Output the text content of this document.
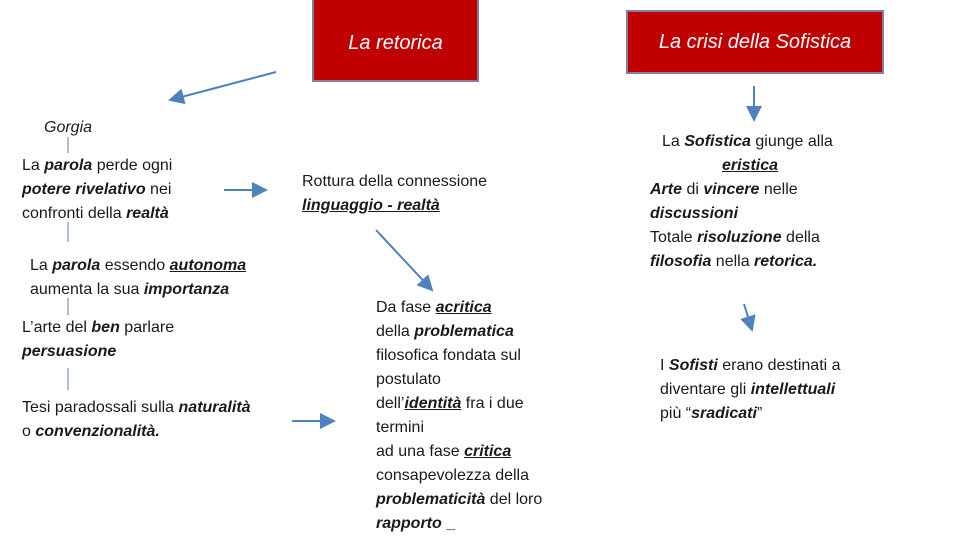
La retorica	La crisi della Sofistica
Gorgia
La parola perde ogni
potere rivelativo nei
confronti della realtà
La parola essendo autonoma
aumenta la sua importanza
L’arte del ben parlare
persuasione
Tesi paradossali sulla naturalità
o convenzionalità.
Rottura della connessione
linguaggio - realtà
Da fase acritica
della problematica
filosofica fondata sul
postulato
dell’identità fra i due
termini
ad una fase critica
consapevolezza della
problematicità del loro
rapporto _
La Sofistica giunge alla
eristica
Arte di vincere nelle
discussioni
Totale risoluzione della
filosofia nella retorica.
I Sofisti erano destinati a
diventare gli intellettuali
più “sradicati”
